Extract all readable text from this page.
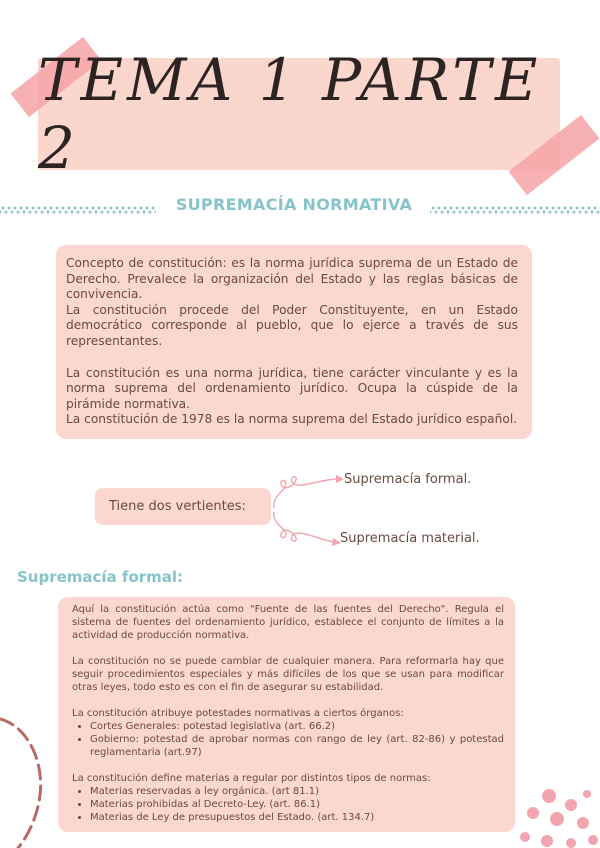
TEMA 1 PARTE 2
SUPREMACÍA NORMATIVA

Concepto de constitución: es la norma jurídica suprema de un Estado de Derecho. Prevalece la organización del Estado y las reglas básicas de convivencia.

La constitución procede del Poder Constituyente, en un Estado democrático corresponde al pueblo, que lo ejerce a través de sus representantes.

La constitución es una norma jurídica, tiene carácter vinculante y es la norma suprema del ordenamiento jurídico. Ocupa la cúspide de la pirámide normativa.

La constitución de 1978 es la norma suprema del Estado jurídico español.

Tiene dos vertientes:
Supremacía formal.
Supremacía material.
Supremacía formal:

Aquí la constitución actúa como "Fuente de las fuentes del Derecho". Regula el sistema de fuentes del ordenamiento jurídico, establece el conjunto de límites a la actividad de producción normativa.

La constitución no se puede cambiar de cualquier manera. Para reformarla hay que seguir procedimientos especiales y más difíciles de los que se usan para modificar otras leyes, todo esto es con el fin de asegurar su estabilidad.

La constitución atribuye potestades normativas a ciertos órganos:

• Cortes Generales: potestad legislativa (art. 66.2)
• Gobierno: potestad de aprobar normas con rango de ley (art. 82-86) y potestad reglamentaria (art.97)

La constitución define materias a regular por distintos tipos de normas:

• Materias reservadas a ley orgánica. (art 81.1)
• Materias prohibidas al Decreto-Ley. (art. 86.1)
• Materias de Ley de presupuestos del Estado. (art. 134.7)
